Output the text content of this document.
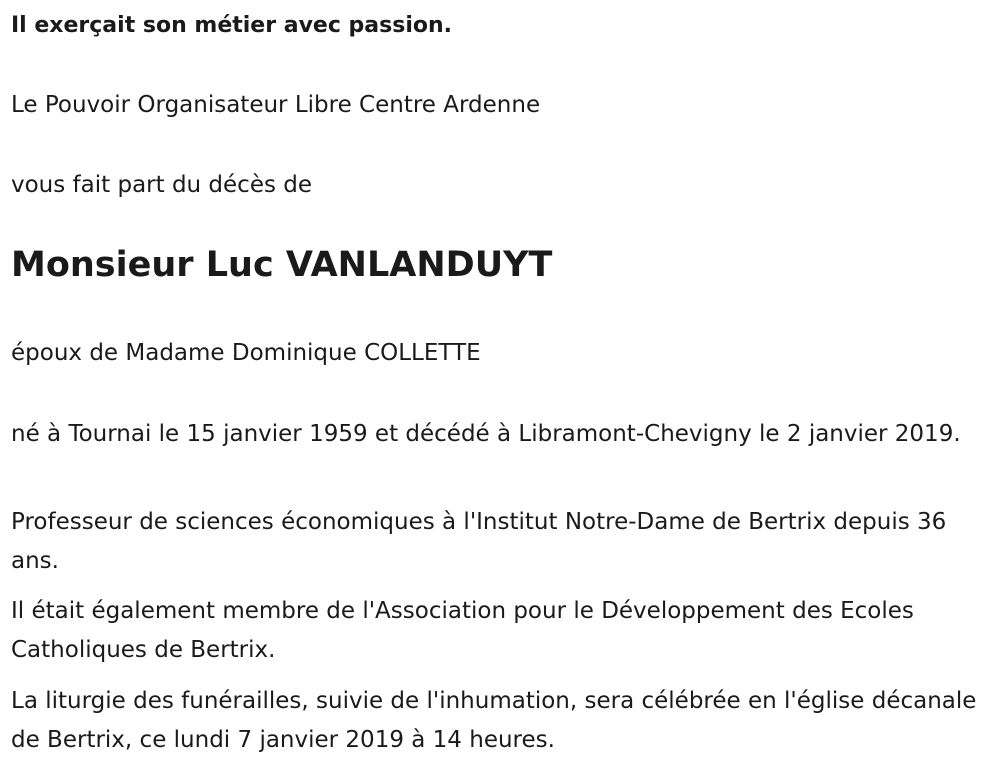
Il exerçait son métier avec passion.

Le Pouvoir Organisateur Libre Centre Ardenne

vous fait part du décès de

Monsieur Luc VANLANDUYT

époux de Madame Dominique COLLETTE

né à Tournai le 15 janvier 1959 et décédé à Libramont-Chevigny le 2 janvier 2019.

Professeur de sciences économiques à l'Institut Notre-Dame de Bertrix depuis 36 ans.

Il était également membre de l'Association pour le Développement des Ecoles Catholiques de Bertrix.

La liturgie des funérailles, suivie de l'inhumation, sera célébrée en l'église décanale de Bertrix, ce lundi 7 janvier 2019 à 14 heures.
